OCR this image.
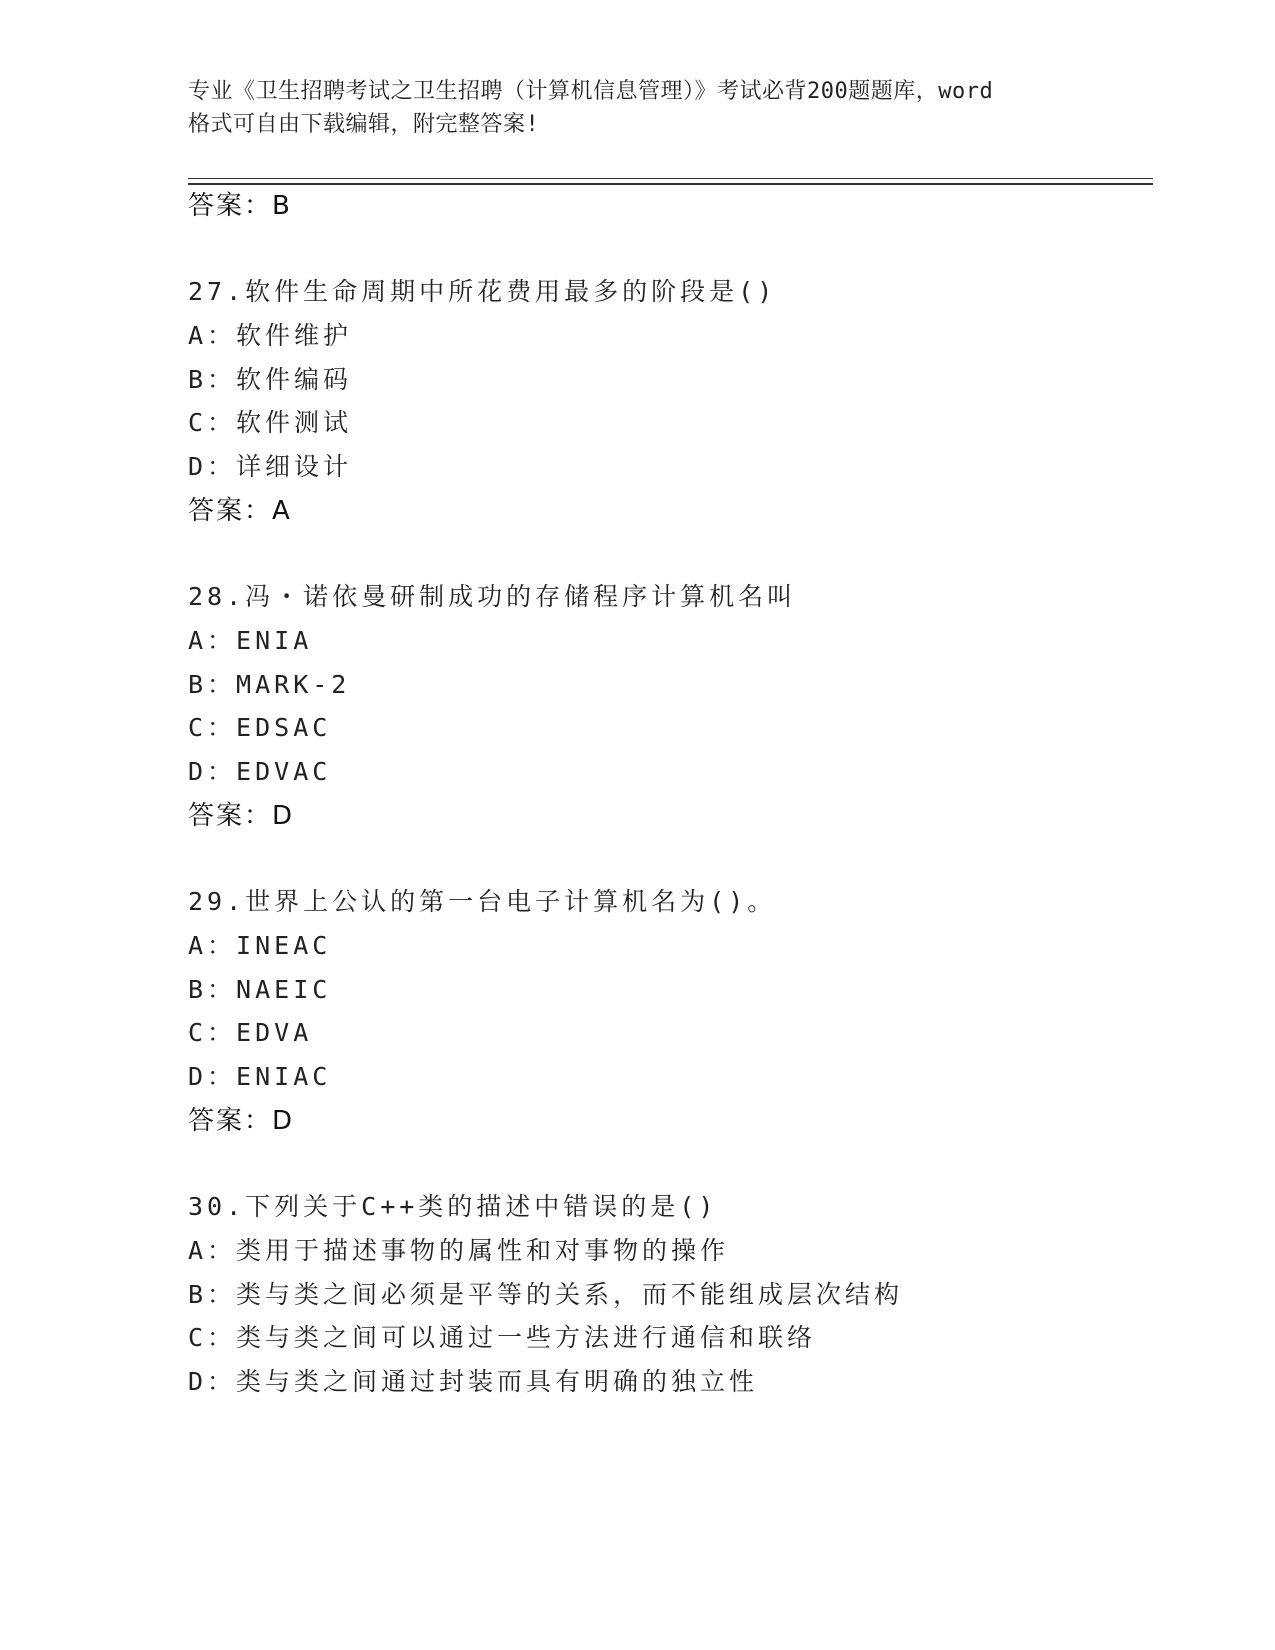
专业《卫生招聘考试之卫生招聘（计算机信息管理）》考试必背200题题库，word
格式可自由下载编辑，附完整答案!
答案：B
27.软件生命周期中所花费用最多的阶段是()
A：软件维护
B：软件编码
C：软件测试
D：详细设计
答案：A
28.冯・诺依曼研制成功的存储程序计算机名叫
A：ENIA
B：MARK-2
C：EDSAC
D：EDVAC
答案：D
29.世界上公认的第一台电子计算机名为()。
A：INEAC
B：NAEIC
C：EDVA
D：ENIAC
答案：D
30.下列关于C++类的描述中错误的是()
A：类用于描述事物的属性和对事物的操作
B：类与类之间必须是平等的关系，而不能组成层次结构
C：类与类之间可以通过一些方法进行通信和联络
D：类与类之间通过封装而具有明确的独立性
